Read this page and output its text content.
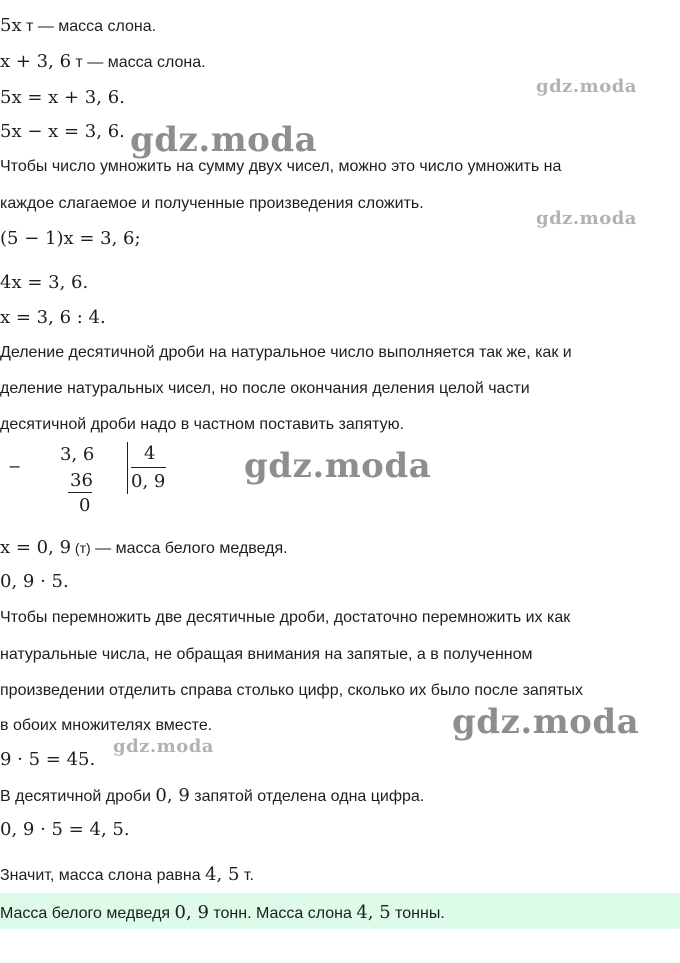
5x т — масса слона.
x + 3, 6 т — масса слона.
5x = x + 3, 6.
5x − x = 3, 6.
Чтобы число умножить на сумму двух чисел, можно это число умножить на
каждое слагаемое и полученные произведения сложить.
(5 − 1)x = 3, 6;
4x = 3, 6.
x = 3, 6 : 4.
Деление десятичной дроби на натуральное число выполняется так же, как и
деление натуральных чисел, но после окончания деления целой части
десятичной дроби надо в частном поставить запятую.
−
3, 6
36
0
4
0, 9
x = 0, 9 (т) — масса белого медведя.
0, 9 · 5.
Чтобы перемножить две десятичные дроби, достаточно перемножить их как
натуральные числа, не обращая внимания на запятые, а в полученном
произведении отделить справа столько цифр, сколько их было после запятых
в обоих множителях вместе.
9 · 5 = 45.
В десятичной дроби 0, 9 запятой отделена одна цифра.
0, 9 · 5 = 4, 5.
Значит, масса слона равна 4, 5 т.
Масса белого медведя 0, 9 тонн. Масса слона 4, 5 тонны.
gdz.moda
gdz.moda
gdz.moda
gdz.moda
gdz.moda
gdz.moda
